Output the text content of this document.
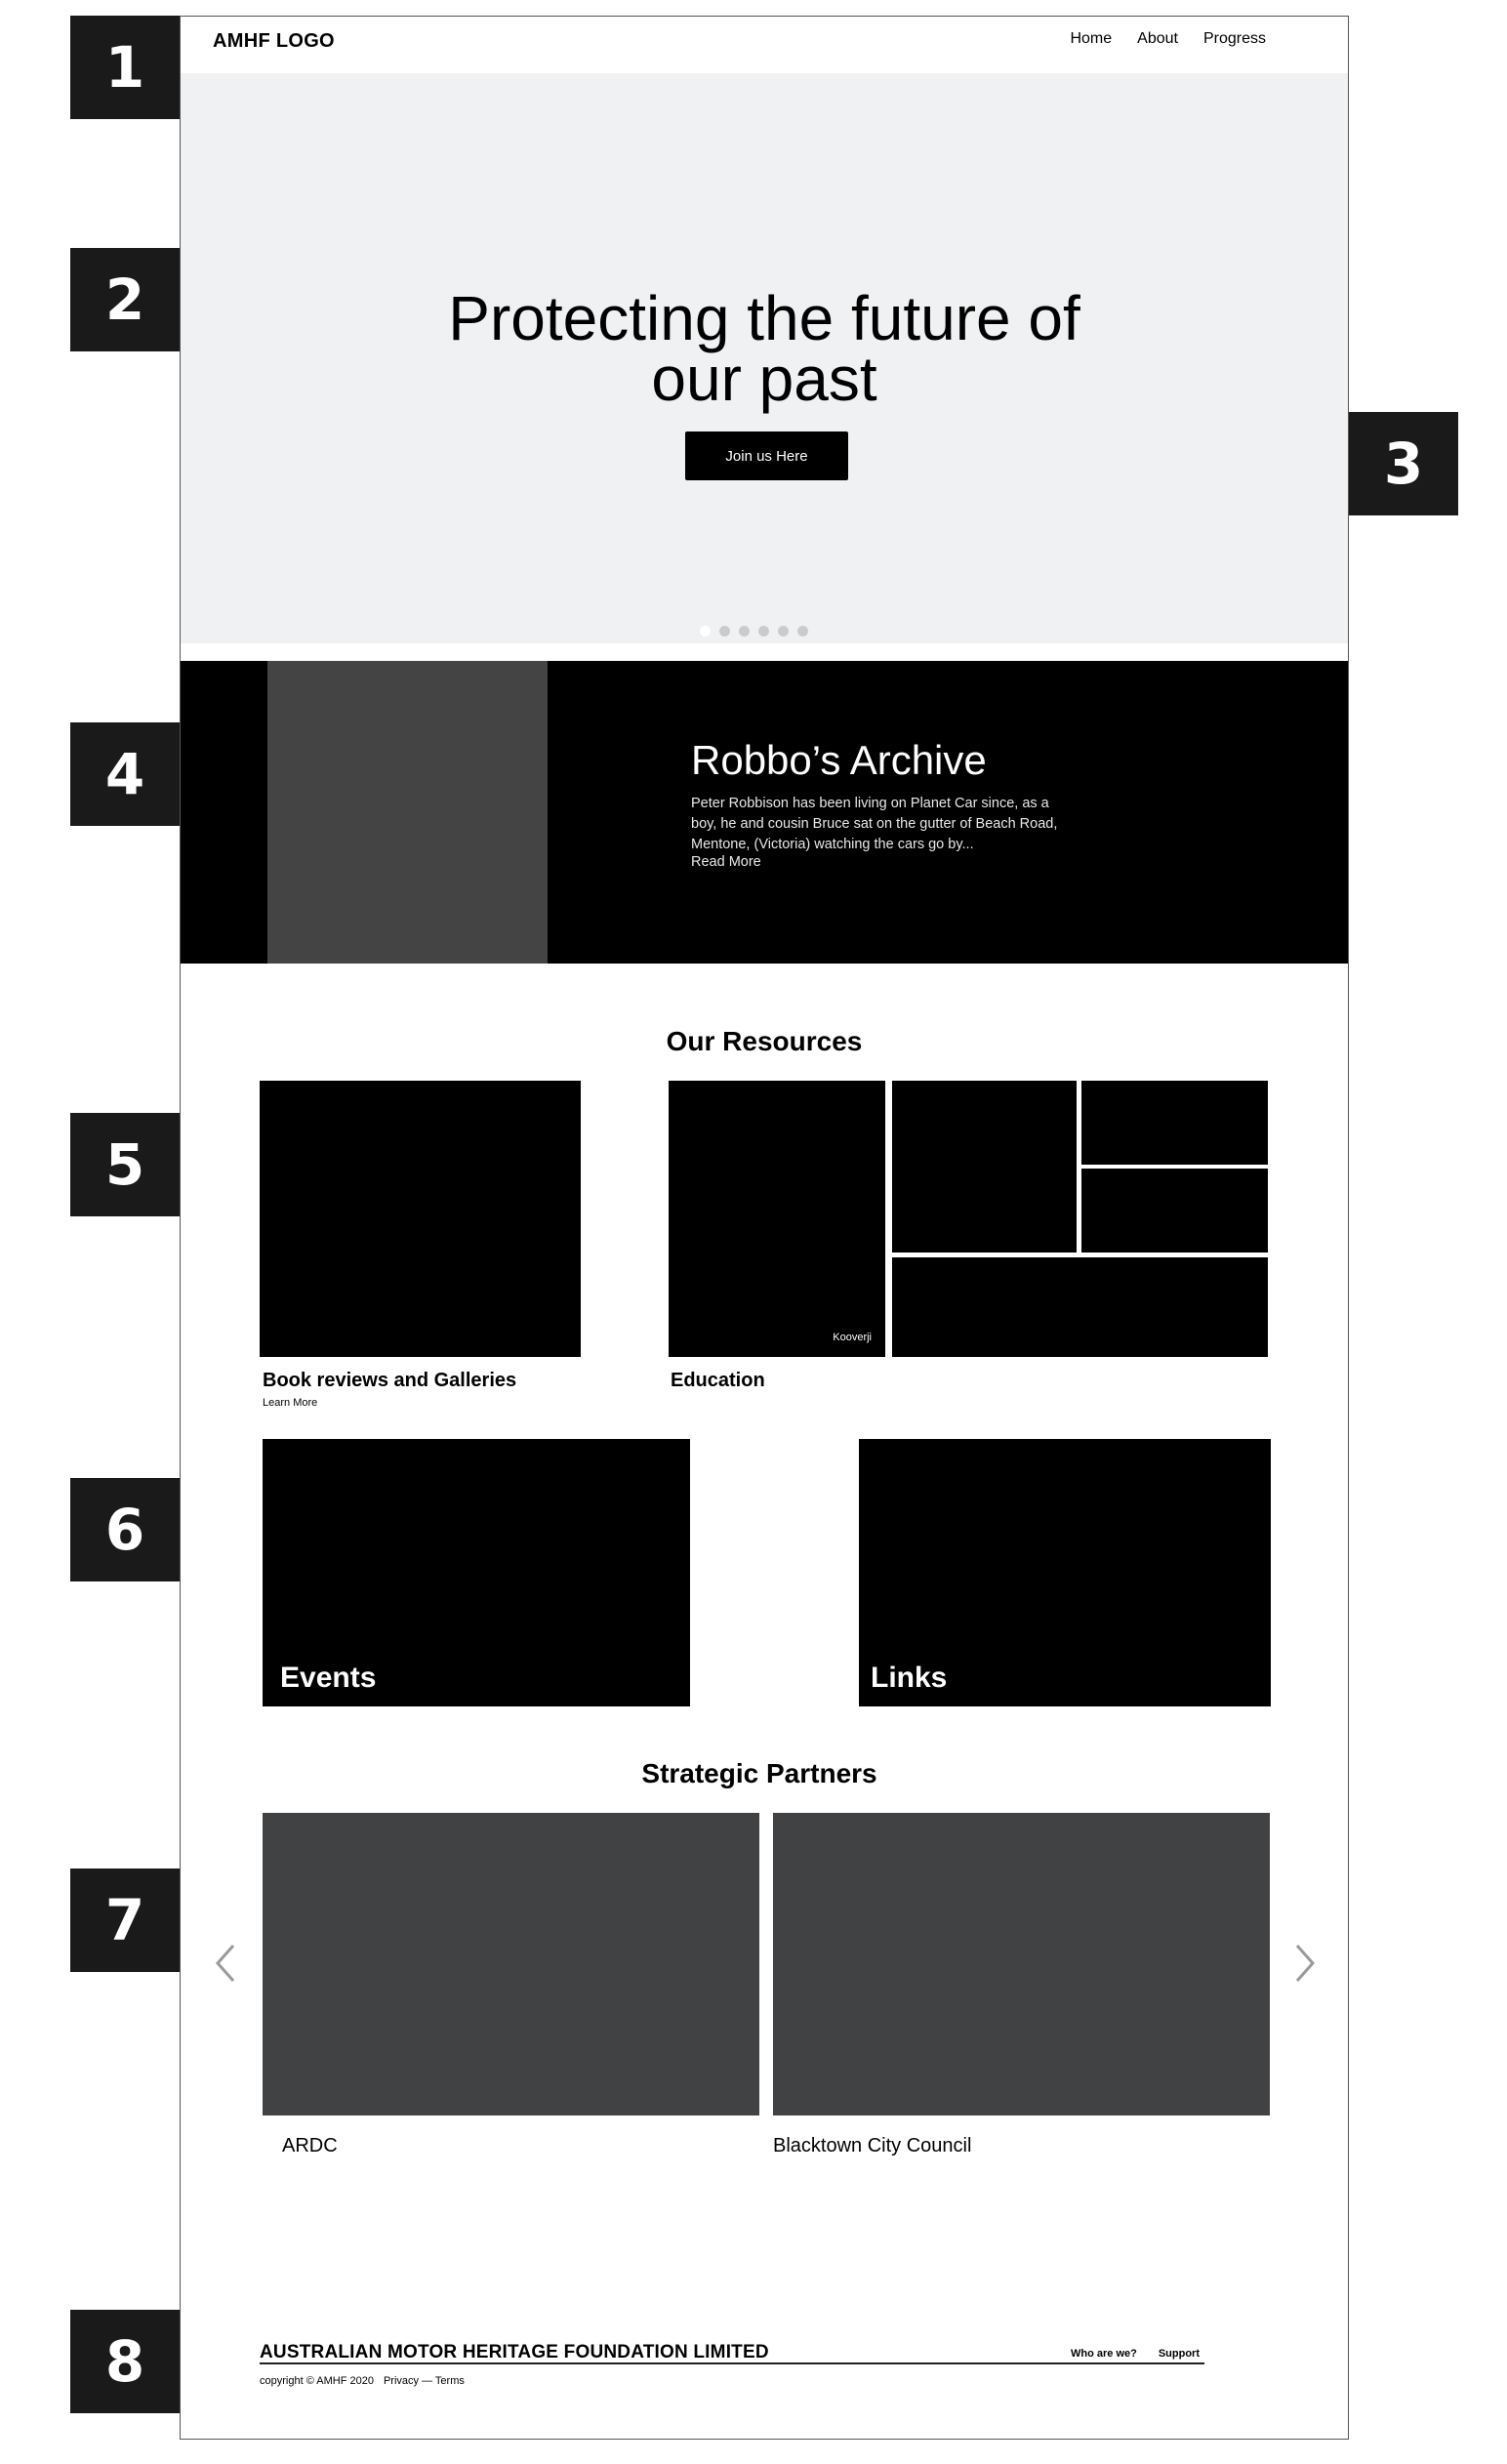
1
2
3
4
5
6
7
8
AMHF LOGO	Home About Progress
Protecting the future of
our past
Join us Here
Robbo’s Archive
Peter Robbison has been living on Planet Car since, as a boy, he and cousin Bruce sat on the gutter of Beach Road, Mentone, (Victoria) watching the cars go by...
Read More
Our Resources
Book reviews and Galleries
Learn More
Kooverji
Education
Events	Links
Strategic Partners
ARDC	Blacktown City Council
AUSTRALIAN MOTOR HERITAGE FOUNDATION LIMITED	Who are we? Support
copyright © AMHF 2020 Privacy — Terms
